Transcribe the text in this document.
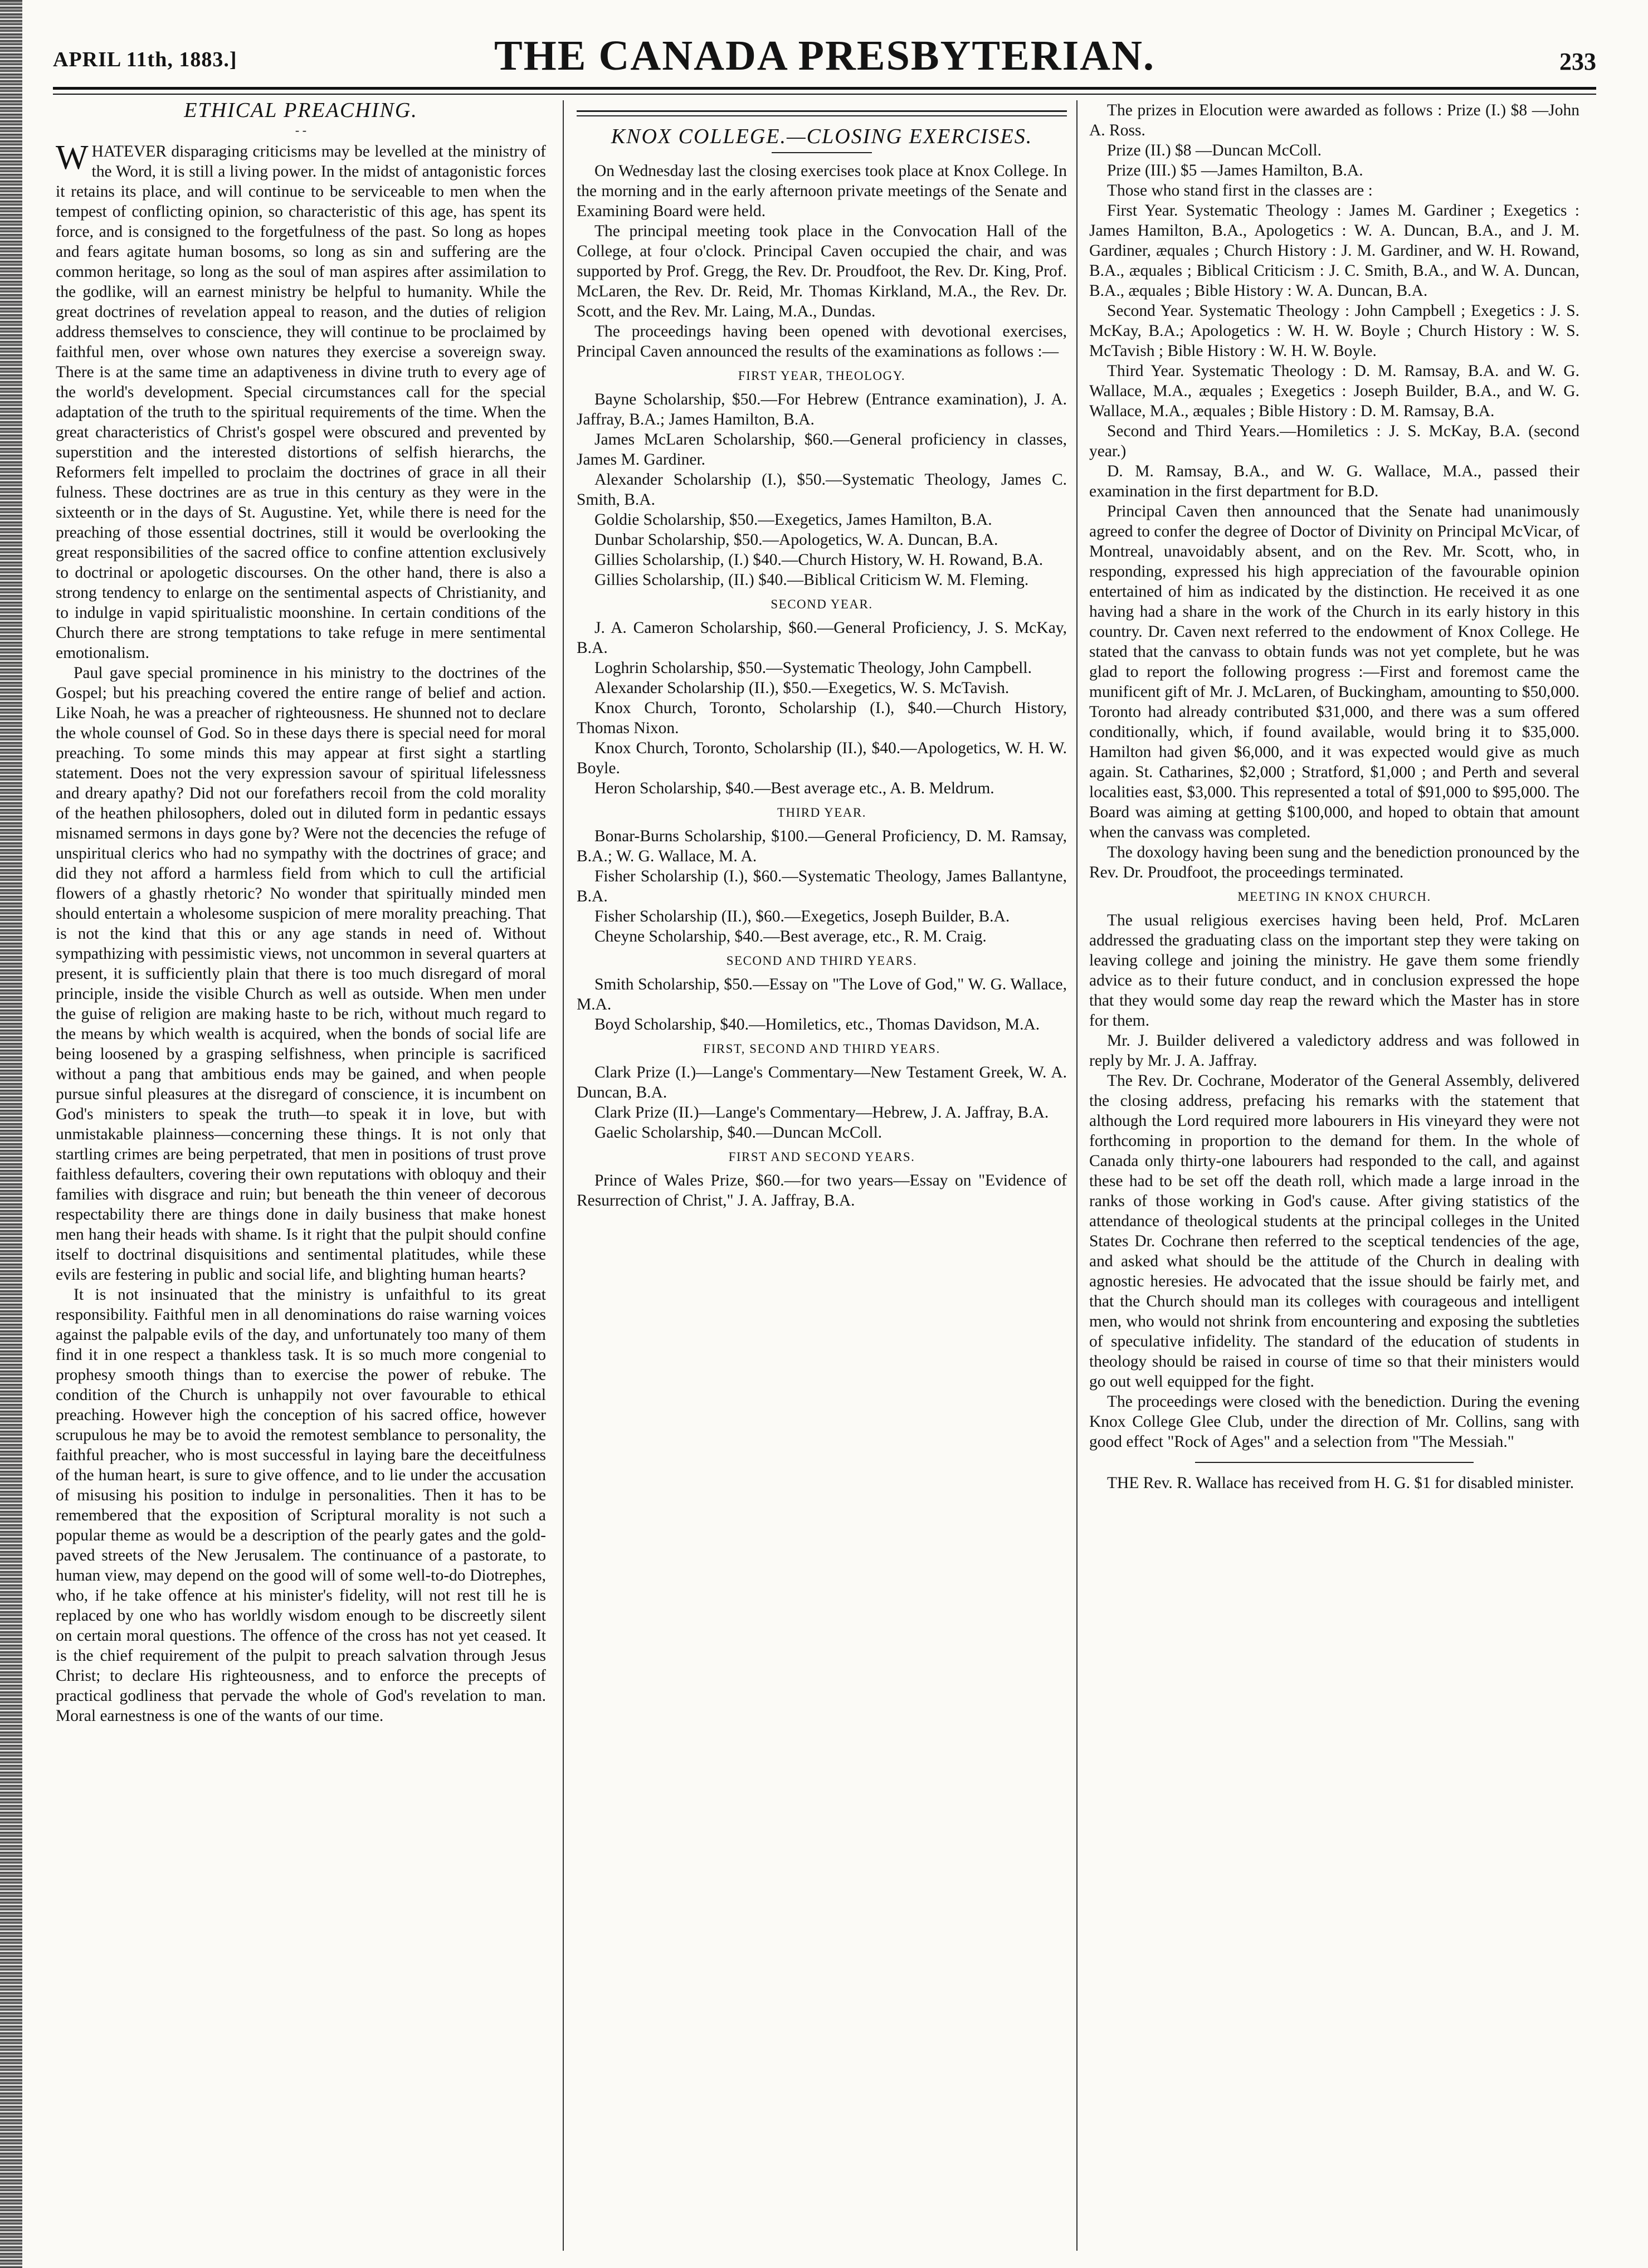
APRIL 11th, 1883.]	THE CANADA PRESBYTERIAN.	233
ETHICAL PREACHING.
- -

WHATEVER disparaging criticisms may be levelled at the ministry of the Word, it is still a living power. In the midst of antagonistic forces it retains its place, and will continue to be serviceable to men when the tempest of conflicting opinion, so characteristic of this age, has spent its force, and is consigned to the forgetfulness of the past. So long as hopes and fears agitate human bosoms, so long as sin and suffering are the common heritage, so long as the soul of man aspires after assimilation to the godlike, will an earnest ministry be helpful to humanity. While the great doctrines of revelation appeal to reason, and the duties of religion address themselves to conscience, they will continue to be proclaimed by faithful men, over whose own natures they exercise a sovereign sway. There is at the same time an adaptiveness in divine truth to every age of the world's development. Special circumstances call for the special adaptation of the truth to the spiritual requirements of the time. When the great characteristics of Christ's gospel were obscured and prevented by superstition and the interested distortions of selfish hierarchs, the Reformers felt impelled to proclaim the doctrines of grace in all their fulness. These doctrines are as true in this century as they were in the sixteenth or in the days of St. Augustine. Yet, while there is need for the preaching of those essential doctrines, still it would be overlooking the great responsibilities of the sacred office to confine attention exclusively to doctrinal or apologetic discourses. On the other hand, there is also a strong tendency to enlarge on the sentimental aspects of Christianity, and to indulge in vapid spiritualistic moonshine. In certain conditions of the Church there are strong temptations to take refuge in mere sentimental emotionalism.

Paul gave special prominence in his ministry to the doctrines of the Gospel; but his preaching covered the entire range of belief and action. Like Noah, he was a preacher of righteousness. He shunned not to declare the whole counsel of God. So in these days there is special need for moral preaching. To some minds this may appear at first sight a startling statement. Does not the very expression savour of spiritual lifelessness and dreary apathy? Did not our forefathers recoil from the cold morality of the heathen philosophers, doled out in diluted form in pedantic essays misnamed sermons in days gone by? Were not the decencies the refuge of unspiritual clerics who had no sympathy with the doctrines of grace; and did they not afford a harmless field from which to cull the artificial flowers of a ghastly rhetoric? No wonder that spiritually minded men should entertain a wholesome suspicion of mere morality preaching. That is not the kind that this or any age stands in need of. Without sympathizing with pessimistic views, not uncommon in several quarters at present, it is sufficiently plain that there is too much disregard of moral principle, inside the visible Church as well as outside. When men under the guise of religion are making haste to be rich, without much regard to the means by which wealth is acquired, when the bonds of social life are being loosened by a grasping selfishness, when principle is sacrificed without a pang that ambitious ends may be gained, and when people pursue sinful pleasures at the disregard of conscience, it is incumbent on God's ministers to speak the truth—to speak it in love, but with unmistakable plainness—concerning these things. It is not only that startling crimes are being perpetrated, that men in positions of trust prove faithless defaulters, covering their own reputations with obloquy and their families with disgrace and ruin; but beneath the thin veneer of decorous respectability there are things done in daily business that make honest men hang their heads with shame. Is it right that the pulpit should confine itself to doctrinal disquisitions and sentimental platitudes, while these evils are festering in public and social life, and blighting human hearts?

It is not insinuated that the ministry is unfaithful to its great responsibility. Faithful men in all denominations do raise warning voices against the palpable evils of the day, and unfortunately too many of them find it in one respect a thankless task. It is so much more congenial to prophesy smooth things than to exercise the power of rebuke. The condition of the Church is unhappily not over favourable to ethical preaching. However high the conception of his sacred office, however scrupulous he may be to avoid the remotest semblance to personality, the faithful preacher, who is most successful in laying bare the deceitfulness of the human heart, is sure to give offence, and to lie under the accusation of misusing his position to indulge in personalities. Then it has to be remembered that the exposition of Scriptural morality is not such a popular theme as would be a description of the pearly gates and the gold-paved streets of the New Jerusalem. The continuance of a pastorate, to human view, may depend on the good will of some well-to-do Diotrephes, who, if he take offence at his minister's fidelity, will not rest till he is replaced by one who has worldly wisdom enough to be discreetly silent on certain moral questions. The offence of the cross has not yet ceased. It is the chief requirement of the pulpit to preach salvation through Jesus Christ; to declare His righteousness, and to enforce the precepts of practical godliness that pervade the whole of God's revelation to man. Moral earnestness is one of the wants of our time.

KNOX COLLEGE.—CLOSING EXERCISES.

On Wednesday last the closing exercises took place at Knox College. In the morning and in the early afternoon private meetings of the Senate and Examining Board were held.

The principal meeting took place in the Convocation Hall of the College, at four o'clock. Principal Caven occupied the chair, and was supported by Prof. Gregg, the Rev. Dr. Proudfoot, the Rev. Dr. King, Prof. McLaren, the Rev. Dr. Reid, Mr. Thomas Kirkland, M.A., the Rev. Dr. Scott, and the Rev. Mr. Laing, M.A., Dundas.

The proceedings having been opened with devotional exercises, Principal Caven announced the results of the examinations as follows :—

FIRST YEAR, THEOLOGY.

Bayne Scholarship, $50.—For Hebrew (Entrance examination), J. A. Jaffray, B.A.; James Hamilton, B.A.

James McLaren Scholarship, $60.—General proficiency in classes, James M. Gardiner.

Alexander Scholarship (I.), $50.—Systematic Theology, James C. Smith, B.A.

Goldie Scholarship, $50.—Exegetics, James Hamilton, B.A.

Dunbar Scholarship, $50.—Apologetics, W. A. Duncan, B.A.

Gillies Scholarship, (I.) $40.—Church History, W. H. Rowand, B.A.

Gillies Scholarship, (II.) $40.—Biblical Criticism W. M. Fleming.

SECOND YEAR.

J. A. Cameron Scholarship, $60.—General Proficiency, J. S. McKay, B.A.

Loghrin Scholarship, $50.—Systematic Theology, John Campbell.

Alexander Scholarship (II.), $50.—Exegetics, W. S. McTavish.

Knox Church, Toronto, Scholarship (I.), $40.—Church History, Thomas Nixon.

Knox Church, Toronto, Scholarship (II.), $40.—Apologetics, W. H. W. Boyle.

Heron Scholarship, $40.—Best average etc., A. B. Meldrum.

THIRD YEAR.

Bonar-Burns Scholarship, $100.—General Proficiency, D. M. Ramsay, B.A.; W. G. Wallace, M. A.

Fisher Scholarship (I.), $60.—Systematic Theology, James Ballantyne, B.A.

Fisher Scholarship (II.), $60.—Exegetics, Joseph Builder, B.A.

Cheyne Scholarship, $40.—Best average, etc., R. M. Craig.

SECOND AND THIRD YEARS.

Smith Scholarship, $50.—Essay on "The Love of God," W. G. Wallace, M.A.

Boyd Scholarship, $40.—Homiletics, etc., Thomas Davidson, M.A.

FIRST, SECOND AND THIRD YEARS.

Clark Prize (I.)—Lange's Commentary—New Testament Greek, W. A. Duncan, B.A.

Clark Prize (II.)—Lange's Commentary—Hebrew, J. A. Jaffray, B.A.

Gaelic Scholarship, $40.—Duncan McColl.

FIRST AND SECOND YEARS.

Prince of Wales Prize, $60.—for two years—Essay on "Evidence of Resurrection of Christ," J. A. Jaffray, B.A.

The prizes in Elocution were awarded as follows : Prize (I.) $8 —John A. Ross.

Prize (II.) $8 —Duncan McColl.

Prize (III.) $5 —James Hamilton, B.A.

Those who stand first in the classes are :

First Year. Systematic Theology : James M. Gardiner ; Exegetics : James Hamilton, B.A., Apologetics : W. A. Duncan, B.A., and J. M. Gardiner, æquales ; Church History : J. M. Gardiner, and W. H. Rowand, B.A., æquales ; Biblical Criticism : J. C. Smith, B.A., and W. A. Duncan, B.A., æquales ; Bible History : W. A. Duncan, B.A.

Second Year. Systematic Theology : John Campbell ; Exegetics : J. S. McKay, B.A.; Apologetics : W. H. W. Boyle ; Church History : W. S. McTavish ; Bible History : W. H. W. Boyle.

Third Year. Systematic Theology : D. M. Ramsay, B.A. and W. G. Wallace, M.A., æquales ; Exegetics : Joseph Builder, B.A., and W. G. Wallace, M.A., æquales ; Bible History : D. M. Ramsay, B.A.

Second and Third Years.—Homiletics : J. S. McKay, B.A. (second year.)

D. M. Ramsay, B.A., and W. G. Wallace, M.A., passed their examination in the first department for B.D.

Principal Caven then announced that the Senate had unanimously agreed to confer the degree of Doctor of Divinity on Principal McVicar, of Montreal, unavoidably absent, and on the Rev. Mr. Scott, who, in responding, expressed his high appreciation of the favourable opinion entertained of him as indicated by the distinction. He received it as one having had a share in the work of the Church in its early history in this country. Dr. Caven next referred to the endowment of Knox College. He stated that the canvass to obtain funds was not yet complete, but he was glad to report the following progress :—First and foremost came the munificent gift of Mr. J. McLaren, of Buckingham, amounting to $50,000. Toronto had already contributed $31,000, and there was a sum offered conditionally, which, if found available, would bring it to $35,000. Hamilton had given $6,000, and it was expected would give as much again. St. Catharines, $2,000 ; Stratford, $1,000 ; and Perth and several localities east, $3,000. This represented a total of $91,000 to $95,000. The Board was aiming at getting $100,000, and hoped to obtain that amount when the canvass was completed.

The doxology having been sung and the benediction pronounced by the Rev. Dr. Proudfoot, the proceedings terminated.

MEETING IN KNOX CHURCH.

The usual religious exercises having been held, Prof. McLaren addressed the graduating class on the important step they were taking on leaving college and joining the ministry. He gave them some friendly advice as to their future conduct, and in conclusion expressed the hope that they would some day reap the reward which the Master has in store for them.

Mr. J. Builder delivered a valedictory address and was followed in reply by Mr. J. A. Jaffray.

The Rev. Dr. Cochrane, Moderator of the General Assembly, delivered the closing address, prefacing his remarks with the statement that although the Lord required more labourers in His vineyard they were not forthcoming in proportion to the demand for them. In the whole of Canada only thirty-one labourers had responded to the call, and against these had to be set off the death roll, which made a large inroad in the ranks of those working in God's cause. After giving statistics of the attendance of theological students at the principal colleges in the United States Dr. Cochrane then referred to the sceptical tendencies of the age, and asked what should be the attitude of the Church in dealing with agnostic heresies. He advocated that the issue should be fairly met, and that the Church should man its colleges with courageous and intelligent men, who would not shrink from encountering and exposing the subtleties of speculative infidelity. The standard of the education of students in theology should be raised in course of time so that their ministers would go out well equipped for the fight.

The proceedings were closed with the benediction. During the evening Knox College Glee Club, under the direction of Mr. Collins, sang with good effect "Rock of Ages" and a selection from "The Messiah."

THE Rev. R. Wallace has received from H. G. $1 for disabled minister.
